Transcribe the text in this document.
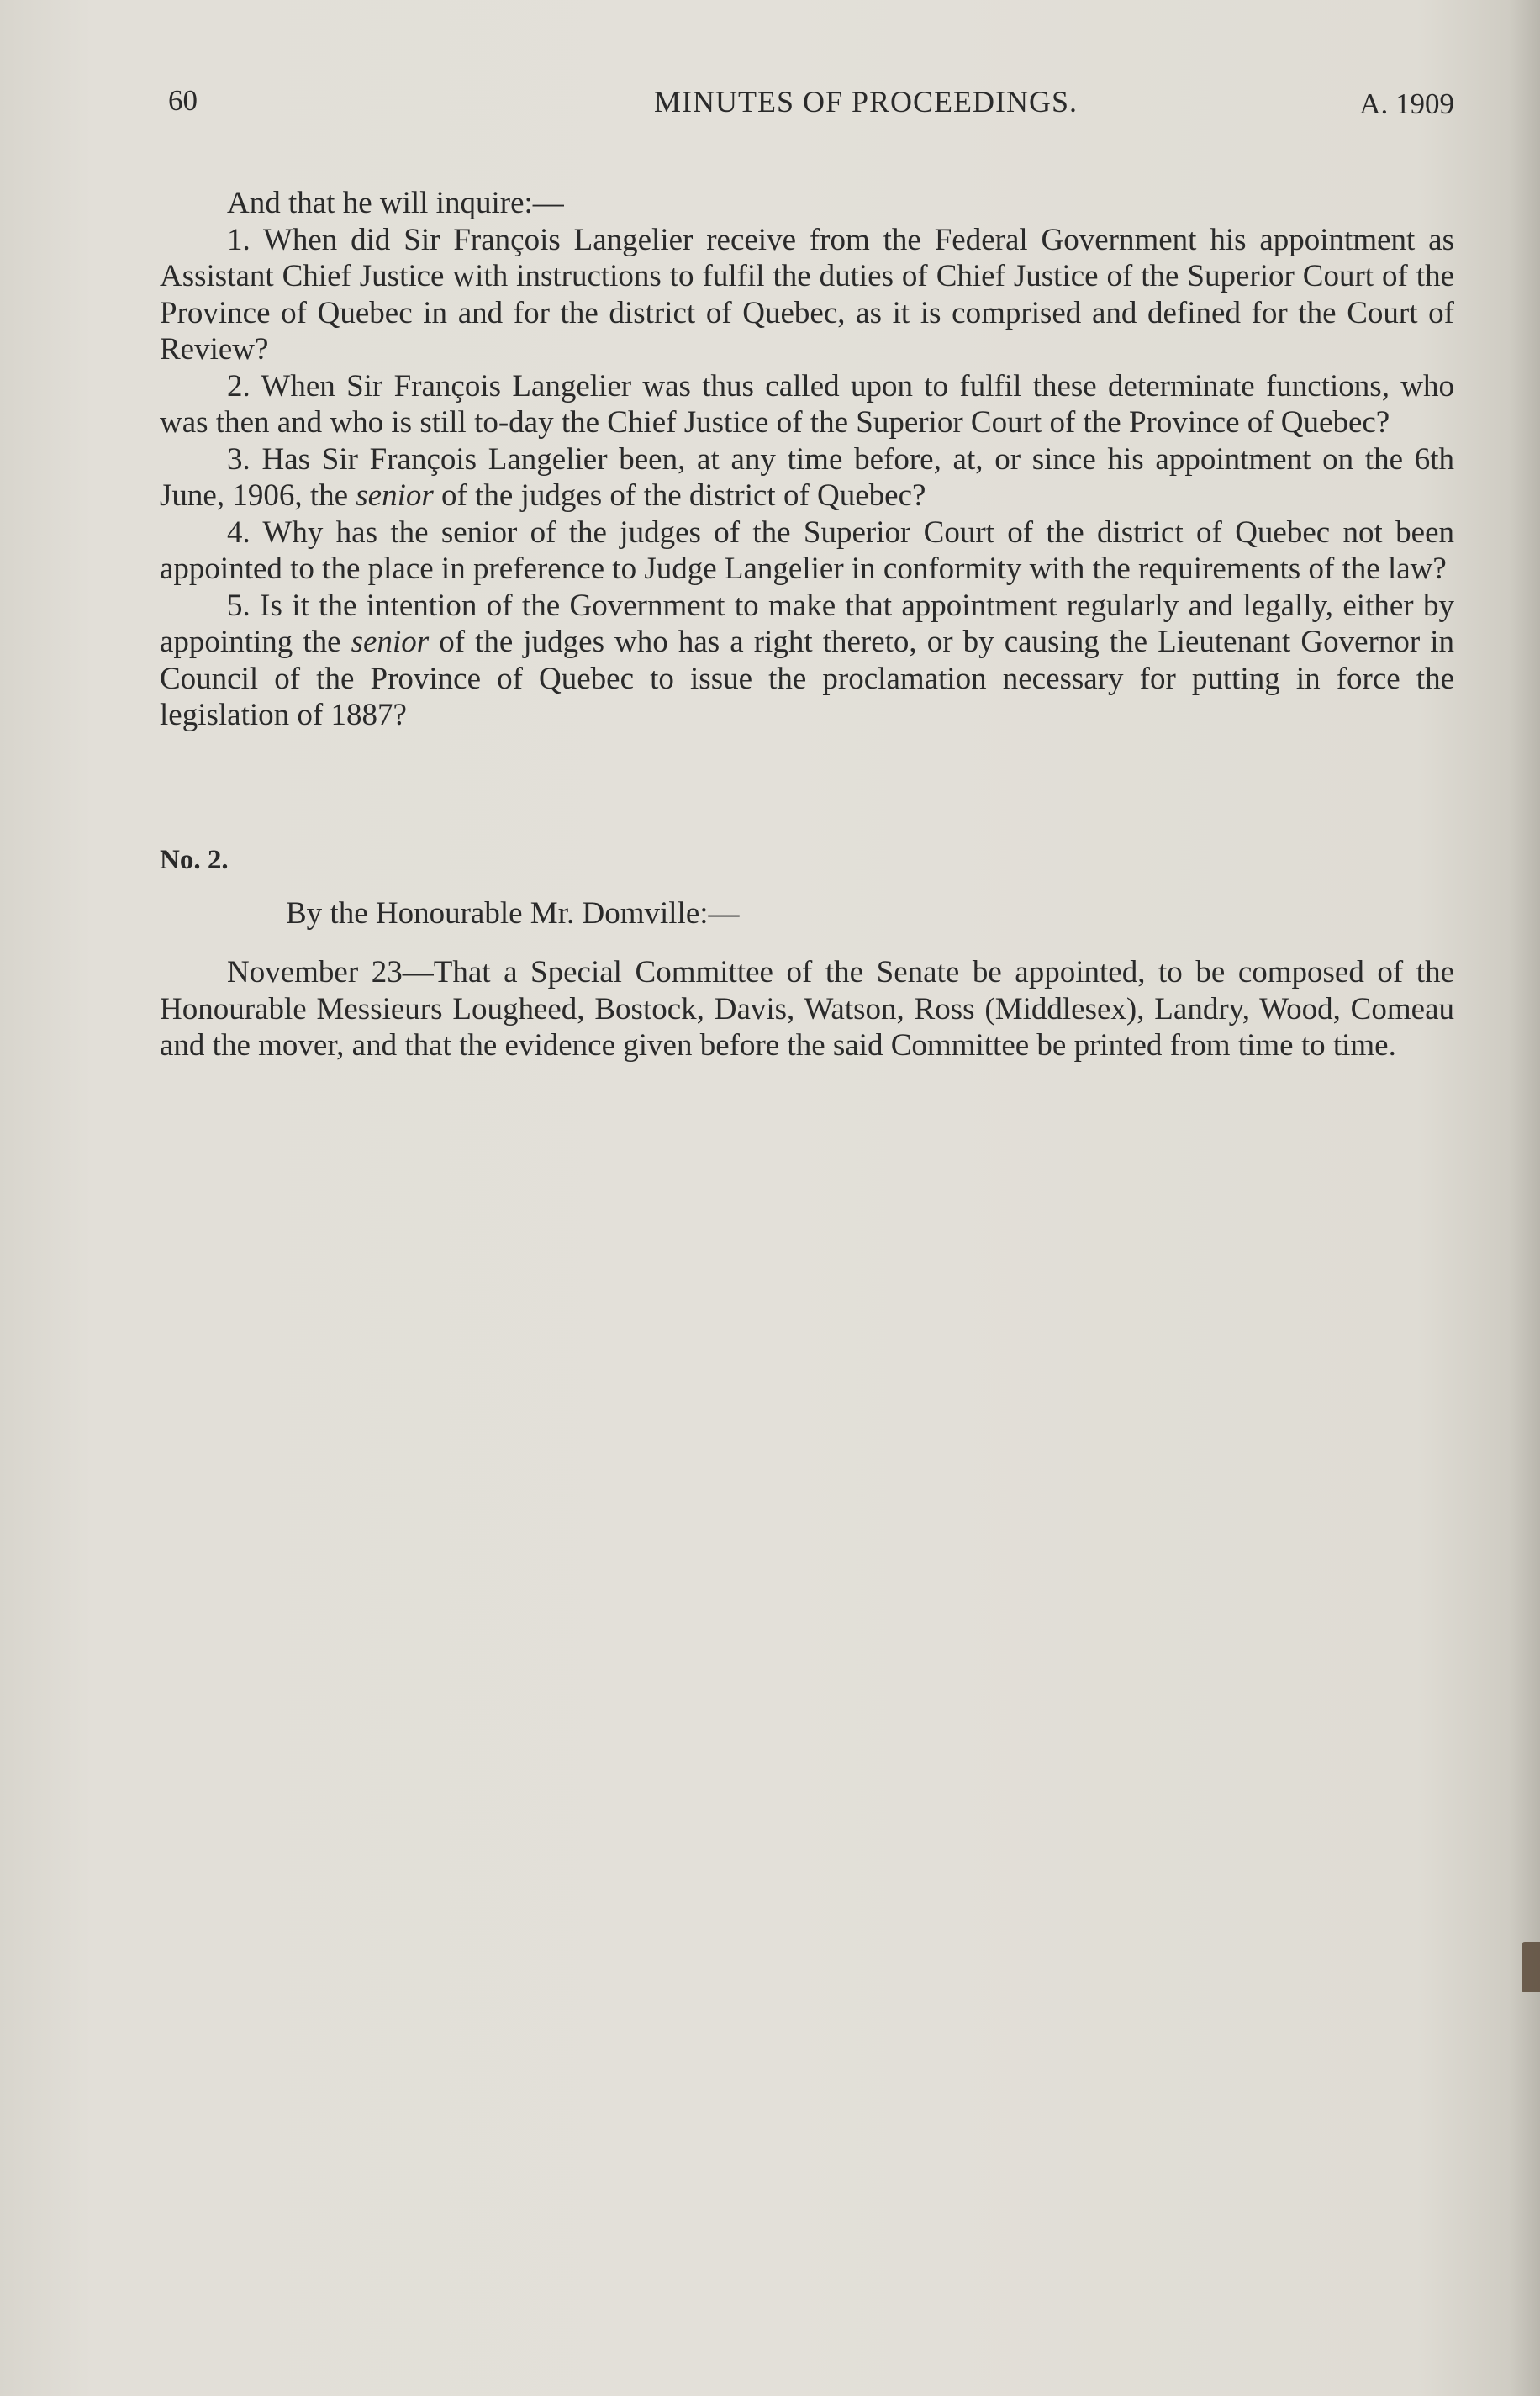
60	MINUTES OF PROCEEDINGS.	A. 1909

And that he will inquire:—

1. When did Sir François Langelier receive from the Federal Government his appointment as Assistant Chief Justice with instructions to fulfil the duties of Chief Justice of the Superior Court of the Province of Quebec in and for the district of Quebec, as it is comprised and defined for the Court of Review?

2. When Sir François Langelier was thus called upon to fulfil these determinate functions, who was then and who is still to-day the Chief Justice of the Superior Court of the Province of Quebec?

3. Has Sir François Langelier been, at any time before, at, or since his appointment on the 6th June, 1906, the senior of the judges of the district of Quebec?

4. Why has the senior of the judges of the Superior Court of the district of Quebec not been appointed to the place in preference to Judge Langelier in conformity with the requirements of the law?

5. Is it the intention of the Government to make that appointment regularly and legally, either by appointing the senior of the judges who has a right thereto, or by causing the Lieutenant Governor in Council of the Province of Quebec to issue the proclamation necessary for putting in force the legislation of 1887?

No. 2.
By the Honourable Mr. Domville:—

November 23—That a Special Committee of the Senate be appointed, to be composed of the Honourable Messieurs Lougheed, Bostock, Davis, Watson, Ross (Middlesex), Landry, Wood, Comeau and the mover, and that the evidence given before the said Committee be printed from time to time.
